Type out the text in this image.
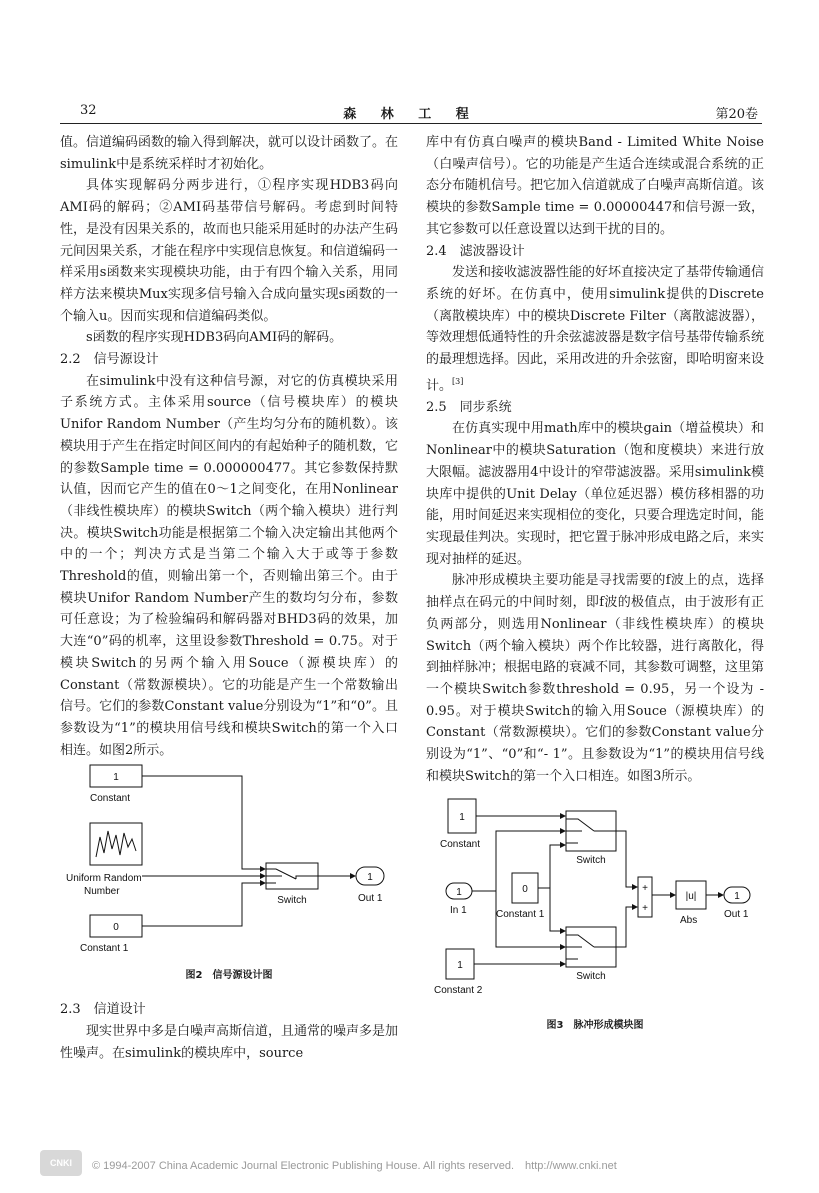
32	森 林 工 程	第20卷

值。信道编码函数的输入得到解决，就可以设计函数了。在simulink中是系统采样时才初始化。

具体实现解码分两步进行，①程序实现HDB3码向AMI码的解码；②AMI码基带信号解码。考虑到时间特性，是没有因果关系的，故而也只能采用延时的办法产生码元间因果关系，才能在程序中实现信息恢复。和信道编码一样采用s函数来实现模块功能，由于有四个输入关系，用同样方法来模块Mux实现多信号输入合成向量实现s函数的一个输入u。因而实现和信道编码类似。

s函数的程序实现HDB3码向AMI码的解码。

2.2　信号源设计

在simulink中没有这种信号源，对它的仿真模块采用子系统方式。主体采用source（信号模块库）的模块Unifor Random Number（产生均匀分布的随机数）。该模块用于产生在指定时间区间内的有起始种子的随机数，它的参数Sample time = 0.000000477。其它参数保持默认值，因而它产生的值在0～1之间变化，在用Nonlinear（非线性模块库）的模块Switch（两个输入模块）进行判决。模块Switch功能是根据第二个输入决定输出其他两个中的一个；判决方式是当第二个输入大于或等于参数Threshold的值，则输出第一个，否则输出第三个。由于模块Unifor Random Number产生的数均匀分布，参数可任意设；为了检验编码和解码器对BHD3码的效果，加大连“0”码的机率，这里设参数Threshold = 0.75。对于模块Switch的另两个输入用Souce（源模块库）的Constant（常数源模块）。它的功能是产生一个常数输出信号。它们的参数Constant value分别设为“1”和“0”。且参数设为“1”的模块用信号线和模块Switch的第一个入口相连。如图2所示。

1
Constant
Uniform Random
Number
0
Constant 1
Switch
1
Out 1
图2　信号源设计图
2.3　信道设计

现实世界中多是白噪声高斯信道，且通常的噪声多是加性噪声。在simulink的模块库中，source

库中有仿真白噪声的模块Band - Limited White Noise（白噪声信号）。它的功能是产生适合连续或混合系统的正态分布随机信号。把它加入信道就成了白噪声高斯信道。该模块的参数Sample time = 0.00000447和信号源一致，其它参数可以任意设置以达到干扰的目的。

2.4　滤波器设计

发送和接收滤波器性能的好坏直接决定了基带传输通信系统的好坏。在仿真中，使用simulink提供的Discrete（离散模块库）中的模块Discrete Filter（离散滤波器），等效理想低通特性的升余弦滤波器是数字信号基带传输系统的最理想选择。因此，采用改进的升余弦窗，即哈明窗来设计。[3]

2.5　同步系统

在仿真实现中用math库中的模块gain（增益模块）和Nonlinear中的模块Saturation（饱和度模块）来进行放大限幅。滤波器用4中设计的窄带滤波器。采用simulink模块库中提供的Unit Delay（单位延迟器）模仿移相器的功能，用时间延迟来实现相位的变化，只要合理选定时间，能实现最佳判决。实现时，把它置于脉冲形成电路之后，来实现对抽样的延迟。

脉冲形成模块主要功能是寻找需要的f波上的点，选择抽样点在码元的中间时刻，即f波的极值点，由于波形有正负两部分，则选用Nonlinear（非线性模块库）的模块Switch（两个输入模块）两个作比较器，进行离散化，得到抽样脉冲；根据电路的衰减不同，其参数可调整，这里第一个模块Switch参数threshold = 0.95，另一个设为 - 0.95。对于模块Switch的输入用Souce（源模块库）的Constant（常数源模块）。它们的参数Constant value分别设为“1”、“0”和“- 1”。且参数设为“1”的模块用信号线和模块Switch的第一个入口相连。如图3所示。

1
Constant
1
In 1
0
Constant 1
1
Constant 2
Switch
Switch
+
+
|u|
Abs
1
Out 1
图3　脉冲形成模块图
CNKI	© 1994-2007 China Academic Journal Electronic Publishing House. All rights reserved.　http://www.cnki.net
